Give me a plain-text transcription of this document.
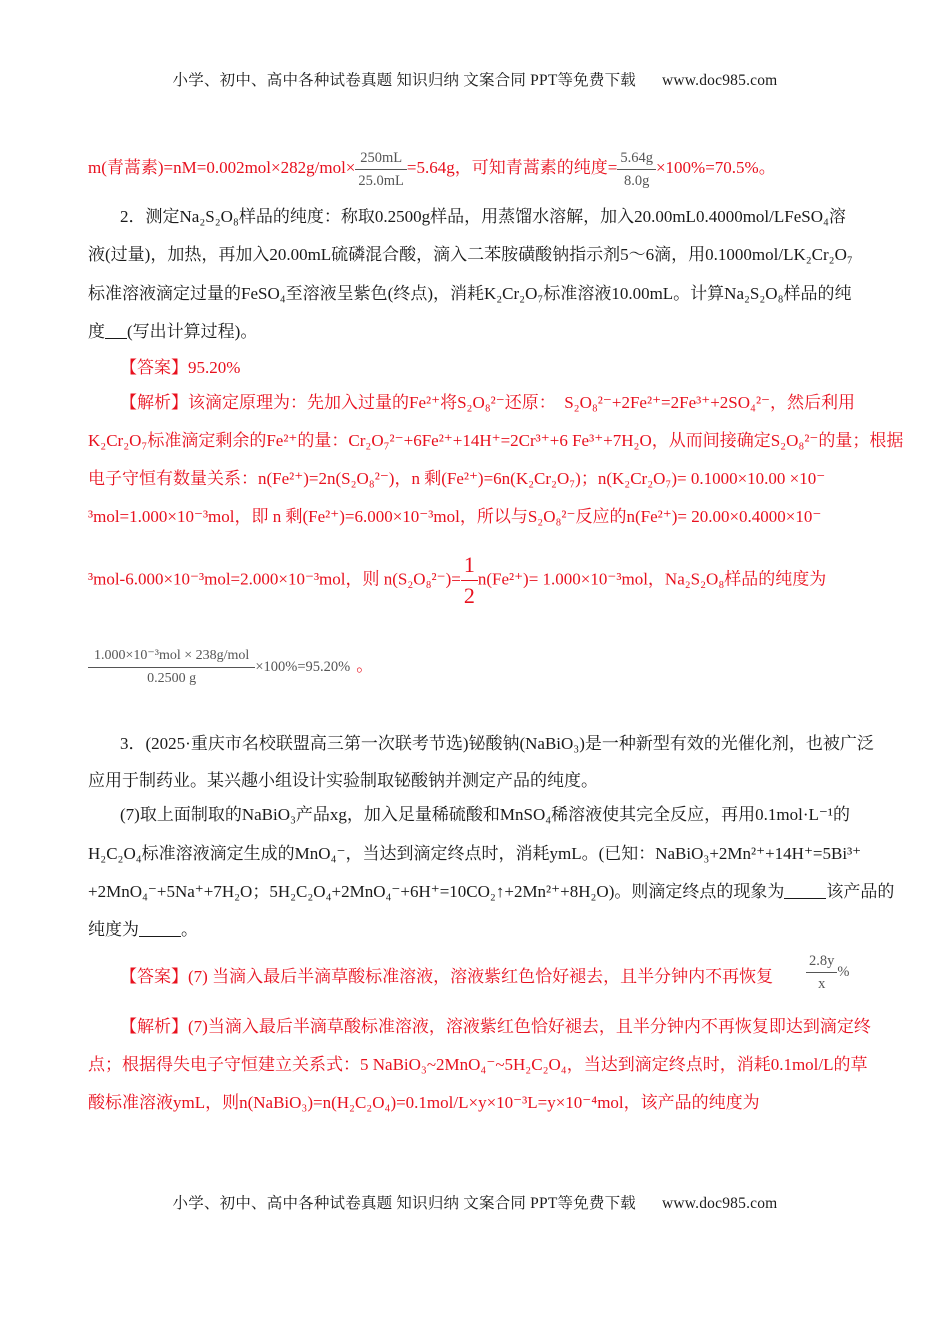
小学、初中、高中各种试卷真题 知识归纳 文案合同 PPT等免费下载 www.doc985.com
m(青蒿素)$=nM=0.002mol\times 282g/mol\times \frac{250mL}{25.0mL} =5.64g$，可知青蒿素的纯度= $\frac{5.64g}{8.0g} \times 100\%=70.5\%$。
2．测定Na₂S₂O₈样品的纯度：称取0.2500g样品，用蒸馏水溶解，加入20.00mL0.4000mol/LFeSO₄溶
液(过量)，加热，再加入20.00mL硫磷混合酸，滴入二苯胺磺酸钠指示剂5～6滴，用0.1000mol/LK₂Cr₂O₇
标准溶液滴定过量的FeSO₄至溶液呈紫色(终点)，消耗K₂Cr₂O₇标准溶液10.00mL。计算Na₂S₂O₈样品的纯
度 (写出计算过程)。
【答案】95.20%
【解析】该滴定原理为：先加入过量的Fe²⁺将S₂O₈²⁻还原：　S₂O₈²⁻+2Fe²⁺=2Fe³⁺+2SO₄²⁻，然后利用
K₂Cr₂O₇标准滴定剩余的Fe²⁺的量：Cr₂O₇²⁻+6Fe²⁺+14H⁺=2Cr³⁺+6 Fe³⁺+7H₂O，从而间接确定S₂O₈²⁻的量；根据
电子守恒有数量关系：n(Fe²⁺)=2n(S₂O₈²⁻)，n 剩(Fe²⁺)=6n(K₂Cr₂O₇)；n(K₂Cr₂O₇)= 0.1000×10.00 ×10⁻
³mol=1.000×10⁻³mol，即 n 剩(Fe²⁺)=6.000×10⁻³mol，所以与S₂O₈²⁻反应的n(Fe²⁺)= 20.00×0.4000×10⁻
³mol-6.000×10⁻³mol=2.000×10⁻³mol，则 $n(S_2O_8^{2-})= \frac{1}{2} n(Fe^{2+})= 1.000\times 10^{-3}mol$，Na₂S₂O₈样品的纯度为
$\frac{\text{1.000×10⁻³mol × 238g/mol}}{0.2500 g} \times 100\%=95.20\%$ 。
3．(2025·重庆市名校联盟高三第一次联考节选)铋酸钠(NaBiO₃)是一种新型有效的光催化剂，也被广泛
应用于制药业。某兴趣小组设计实验制取铋酸钠并测定产品的纯度。
(7)取上面制取的NaBiO₃产品xg，加入足量稀硫酸和MnSO₄稀溶液使其完全反应，再用0.1mol·L⁻¹的
H₂C₂O₄标准溶液滴定生成的MnO₄⁻，当达到滴定终点时，消耗ymL。(已知：NaBiO₃+2Mn²⁺+14H⁺=5Bi³⁺
+2MnO₄⁻+5Na⁺+7H₂O；5H₂C₂O₄+2MnO₄⁻+6H⁺=10CO₂↑+2Mn²⁺+8H₂O)。则滴定终点的现象为 该产品的
纯度为 。
【答案】(7) 当滴入最后半滴草酸标准溶液，溶液紫红色恰好褪去，且半分钟内不再恢复 $\frac{2.8y}{x}$ %
【解析】(7)当滴入最后半滴草酸标准溶液，溶液紫红色恰好褪去，且半分钟内不再恢复即达到滴定终
点；根据得失电子守恒建立关系式：5 NaBiO₃~2MnO₄⁻~5H₂C₂O₄，当达到滴定终点时，消耗0.1mol/L的草
酸标准溶液ymL，则n(NaBiO₃)=n(H₂C₂O₄)=0.1mol/L×y×10⁻³L=y×10⁻⁴mol，该产品的纯度为
小学、初中、高中各种试卷真题 知识归纳 文案合同 PPT等免费下载 www.doc985.com
